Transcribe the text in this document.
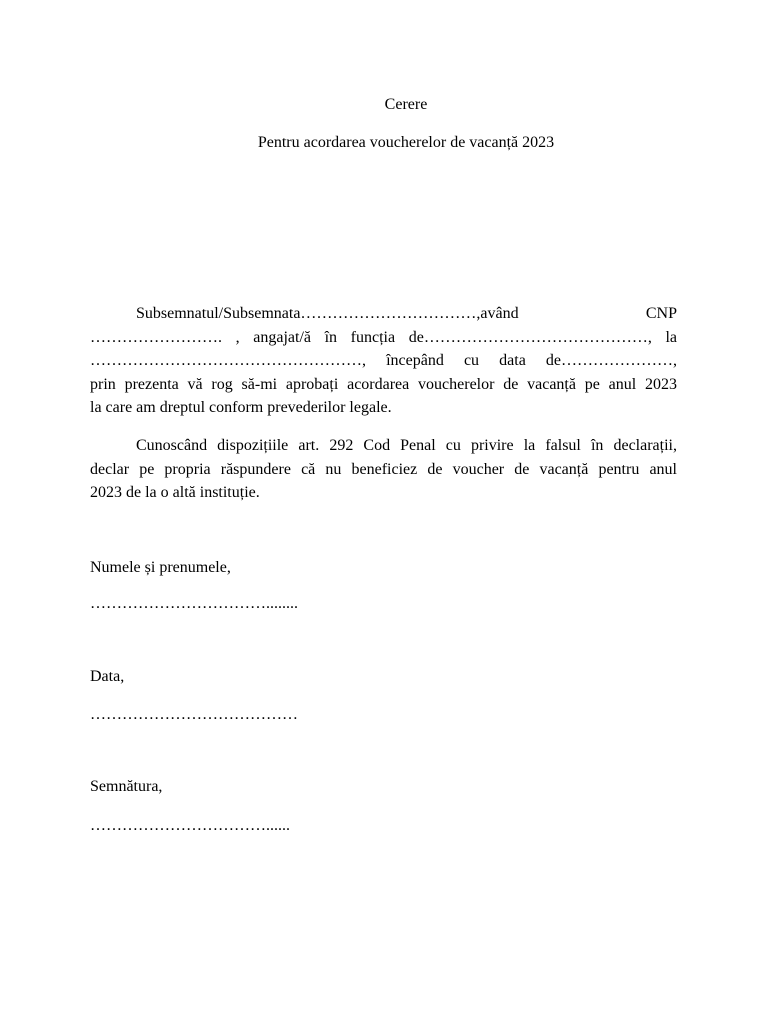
Cerere
Pentru acordarea voucherelor de vacanță 2023
Subsemnatul/Subsemnata……………………………,având CNP
……………………. , angajat/ă în funcția de……………………………………, la
……………………………………………, începând cu data de…………………,
prin prezenta vă rog să-mi aprobați acordarea voucherelor de vacanță pe anul 2023
la care am dreptul conform prevederilor legale.
Cunoscând dispozițiile art. 292 Cod Penal cu privire la falsul în declarații,
declar pe propria răspundere că nu beneficiez de voucher de vacanță pentru anul
2023 de la o altă instituție.

Numele și prenumele,

……………………………........

Data,

…………………………………

Semnătura,

……………………………......
